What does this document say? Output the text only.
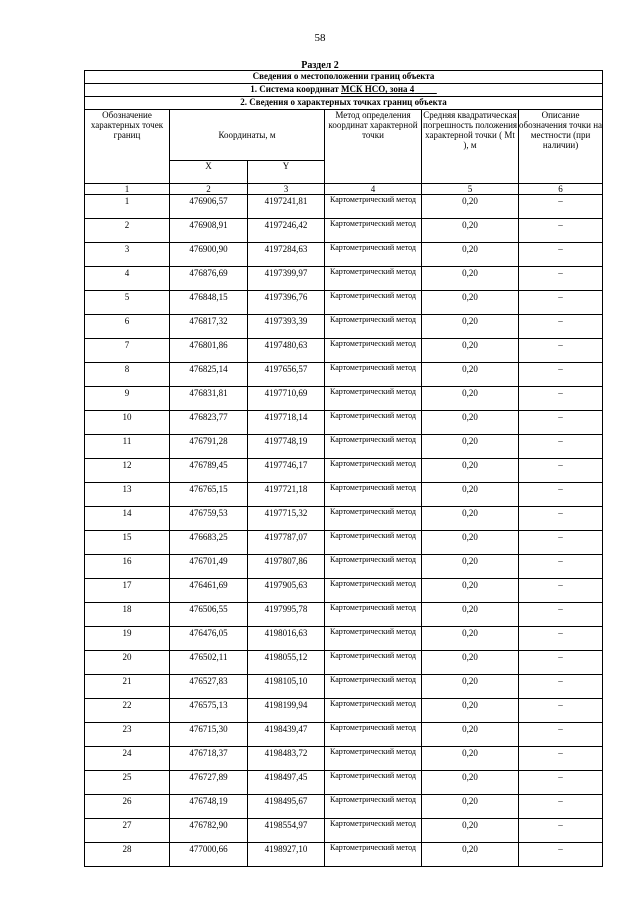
58
Раздел 2
Сведения о местоположении границ объекта					
1. Система координат МСК НСО, зона 4					
2. Сведения о характерных точках границ объекта					
Обозначение характерных точек границ	Координаты, м		Метод определения координат характерной точки	Средняя квадратическая погрешность положения характерной точки ( Mt ), м	Описание обозначения точки на местности (при наличии)
	X	Y			
1	2	3	4	5	6
1	476906,57	4197241,81	Картометрический метод	0,20	–
2	476908,91	4197246,42	Картометрический метод	0,20	–
3	476900,90	4197284,63	Картометрический метод	0,20	–
4	476876,69	4197399,97	Картометрический метод	0,20	–
5	476848,15	4197396,76	Картометрический метод	0,20	–
6	476817,32	4197393,39	Картометрический метод	0,20	–
7	476801,86	4197480,63	Картометрический метод	0,20	–
8	476825,14	4197656,57	Картометрический метод	0,20	–
9	476831,81	4197710,69	Картометрический метод	0,20	–
10	476823,77	4197718,14	Картометрический метод	0,20	–
11	476791,28	4197748,19	Картометрический метод	0,20	–
12	476789,45	4197746,17	Картометрический метод	0,20	–
13	476765,15	4197721,18	Картометрический метод	0,20	–
14	476759,53	4197715,32	Картометрический метод	0,20	–
15	476683,25	4197787,07	Картометрический метод	0,20	–
16	476701,49	4197807,86	Картометрический метод	0,20	–
17	476461,69	4197905,63	Картометрический метод	0,20	–
18	476506,55	4197995,78	Картометрический метод	0,20	–
19	476476,05	4198016,63	Картометрический метод	0,20	–
20	476502,11	4198055,12	Картометрический метод	0,20	–
21	476527,83	4198105,10	Картометрический метод	0,20	–
22	476575,13	4198199,94	Картометрический метод	0,20	–
23	476715,30	4198439,47	Картометрический метод	0,20	–
24	476718,37	4198483,72	Картометрический метод	0,20	–
25	476727,89	4198497,45	Картометрический метод	0,20	–
26	476748,19	4198495,67	Картометрический метод	0,20	–
27	476782,90	4198554,97	Картометрический метод	0,20	–
28	477000,66	4198927,10	Картометрический метод	0,20	–
